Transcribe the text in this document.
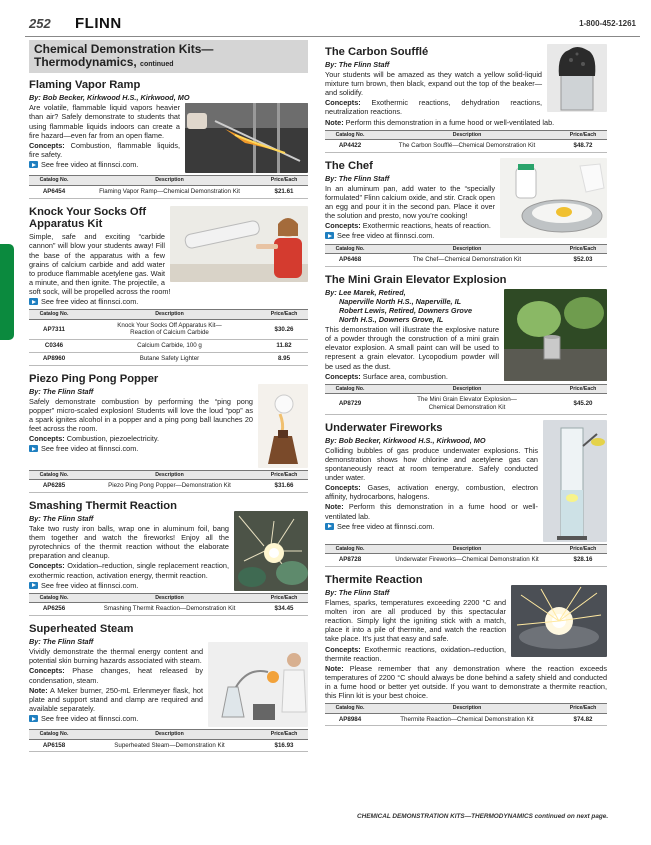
252 FLINN	1-800-452-1261
Chemical Demonstration Kits—Thermodynamics, continued
Flaming Vapor Ramp
By: Bob Becker, Kirkwood H.S., Kirkwood, MO
Are volatile, flammable liquid vapors heavier than air? Safely demonstrate to students that using flammable liquids indoors can create a fire hazard—even far from an open flame.
Concepts: Combustion, flammable liquids, fire safety.
See free video at flinnsci.com.
Catalog No.	Description	Price/Each
AP6454	Flaming Vapor Ramp—Chemical Demonstration Kit	$21.61
Knock Your Socks Off Apparatus Kit
Simple, safe and exciting “carbide cannon” will blow your students away! Fill the base of the apparatus with a few grains of calcium carbide and add water to produce flammable acetylene gas. Wait a minute, and then ignite. The projectile, a soft sock, will be propelled across the room!
See free video at flinnsci.com.
Catalog No.	Description	Price/Each
AP7311	Knock Your Socks Off Apparatus Kit—
Reaction of Calcium Carbide	$30.26
C0346	Calcium Carbide, 100 g	11.82
AP8960	Butane Safety Lighter	8.95
Piezo Ping Pong Popper
By: The Flinn Staff
Safely demonstrate combustion by performing the “ping pong popper” micro-scaled explosion! Students will love the loud “pop” as a spark ignites alcohol in a popper and a ping pong ball launches 20 feet across the room.
Concepts: Combustion, piezoelectricity.
See free video at flinnsci.com.
Catalog No.	Description	Price/Each
AP6285	Piezo Ping Pong Popper—Demonstration Kit	$31.66
Smashing Thermit Reaction
By: The Flinn Staff
Take two rusty iron balls, wrap one in aluminum foil, bang them together and watch the fireworks! Enjoy all the pyrotechnics of the thermit reaction without the elaborate preparation and cleanup.
Concepts: Oxidation–reduction, single replacement reaction, exothermic reaction, activation energy, thermit reaction.
See free video at flinnsci.com.
Catalog No.	Description	Price/Each
AP6256	Smashing Thermit Reaction—Demonstration Kit	$34.45
Superheated Steam
By: The Flinn Staff
Vividly demonstrate the thermal energy content and potential skin burning hazards associated with steam.
Concepts: Phase changes, heat released by condensation, steam.
Note: A Meker burner, 250-mL Erlenmeyer flask, hot plate and support stand and clamp are required and available separately.
See free video at flinnsci.com.
Catalog No.	Description	Price/Each
AP6158	Superheated Steam—Demonstration Kit	$16.93
The Carbon Soufflé
By: The Flinn Staff
Your students will be amazed as they watch a yellow solid-liquid mixture turn brown, then black, expand out the top of the beaker—and solidify.
Concepts: Exothermic reactions, dehydration reactions, neutralization reactions.
Note: Perform this demonstration in a fume hood or well-ventilated lab.
Catalog No.	Description	Price/Each
AP4422	The Carbon Soufflé—Chemical Demonstration Kit	$48.72
The Chef
By: The Flinn Staff
In an aluminum pan, add water to the “specially formulated” Flinn calcium oxide, and stir. Crack open an egg and pour it in the second pan. Place it over the solution and presto, now you’re cooking!
Concepts: Exothermic reactions, heats of reaction.
See free video at flinnsci.com.
Catalog No.	Description	Price/Each
AP6468	The Chef—Chemical Demonstration Kit	$52.03
The Mini Grain Elevator Explosion
By: Lee Marek, Retired,
Naperville North H.S., Naperville, IL
Robert Lewis, Retired, Downers Grove
North H.S., Downers Grove, IL
This demonstration will illustrate the explosive nature of a powder through the construction of a mini grain elevator explosion. A small paint can will be used to represent a grain elevator. Lycopodium powder will be used as the dust.
Concepts: Surface area, combustion.
Catalog No.	Description	Price/Each
AP8729	The Mini Grain Elevator Explosion—
Chemical Demonstration Kit	$45.20
Underwater Fireworks
By: Bob Becker, Kirkwood H.S., Kirkwood, MO
Colliding bubbles of gas produce underwater explosions. This demonstration shows how chlorine and acetylene gas can spontaneously react at room temperature. Safely conducted under water.
Concepts: Gases, activation energy, combustion, electron affinity, hydrocarbons, halogens.
Note: Perform this demonstration in a fume hood or well-ventilated lab.
See free video at flinnsci.com.
Catalog No.	Description	Price/Each
AP8728	Underwater Fireworks—Chemical Demonstration Kit	$28.16
Thermite Reaction
By: The Flinn Staff
Flames, sparks, temperatures exceeding 2200 °C and molten iron are all produced by this spectacular reaction. Simply light the igniting stick with a match, place it into a pile of thermite, and watch the reaction take place. It’s just that easy and safe.
Concepts: Exothermic reactions, oxidation–reduction, thermite reaction.
Note: Please remember that any demonstration where the reaction exceeds temperatures of 2200 °C should always be done behind a safety shield and conducted in a fume hood or better yet outside. If you want to demonstrate a thermite reaction, this Flinn kit is your best choice.
Catalog No.	Description	Price/Each
AP8984	Thermite Reaction—Chemical Demonstration Kit	$74.82
CHEMICAL DEMONSTRATION KITS—THERMODYNAMICS continued on next page.
